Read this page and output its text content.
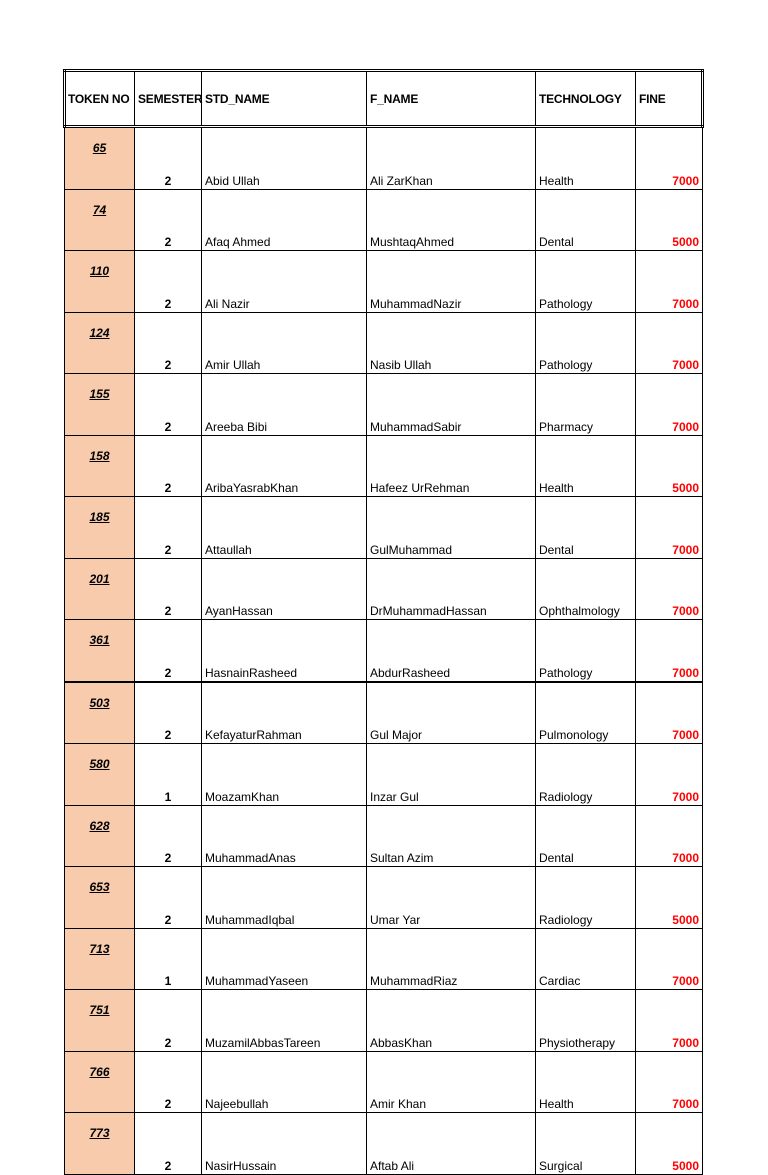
TOKEN NO	SEMESTER	STD_NAME	F_NAME	TECHNOLOGY	FINE
65	2	Abid Ullah	Ali ZarKhan	Health	7000
74	2	Afaq Ahmed	MushtaqAhmed	Dental	5000
110	2	Ali Nazir	MuhammadNazir	Pathology	7000
124	2	Amir Ullah	Nasib Ullah	Pathology	7000
155	2	Areeba Bibi	MuhammadSabir	Pharmacy	7000
158	2	AribaYasrabKhan	Hafeez UrRehman	Health	5000
185	2	Attaullah	GulMuhammad	Dental	7000
201	2	AyanHassan	DrMuhammadHassan	Ophthalmology	7000
361	2	HasnainRasheed	AbdurRasheed	Pathology	7000
503	2	KefayaturRahman	Gul Major	Pulmonology	7000
580	1	MoazamKhan	Inzar Gul	Radiology	7000
628	2	MuhammadAnas	Sultan Azim	Dental	7000
653	2	MuhammadIqbal	Umar Yar	Radiology	5000
713	1	MuhammadYaseen	MuhammadRiaz	Cardiac	7000
751	2	MuzamilAbbasTareen	AbbasKhan	Physiotherapy	7000
766	2	Najeebullah	Amir Khan	Health	7000
773	2	NasirHussain	Aftab Ali	Surgical	5000
